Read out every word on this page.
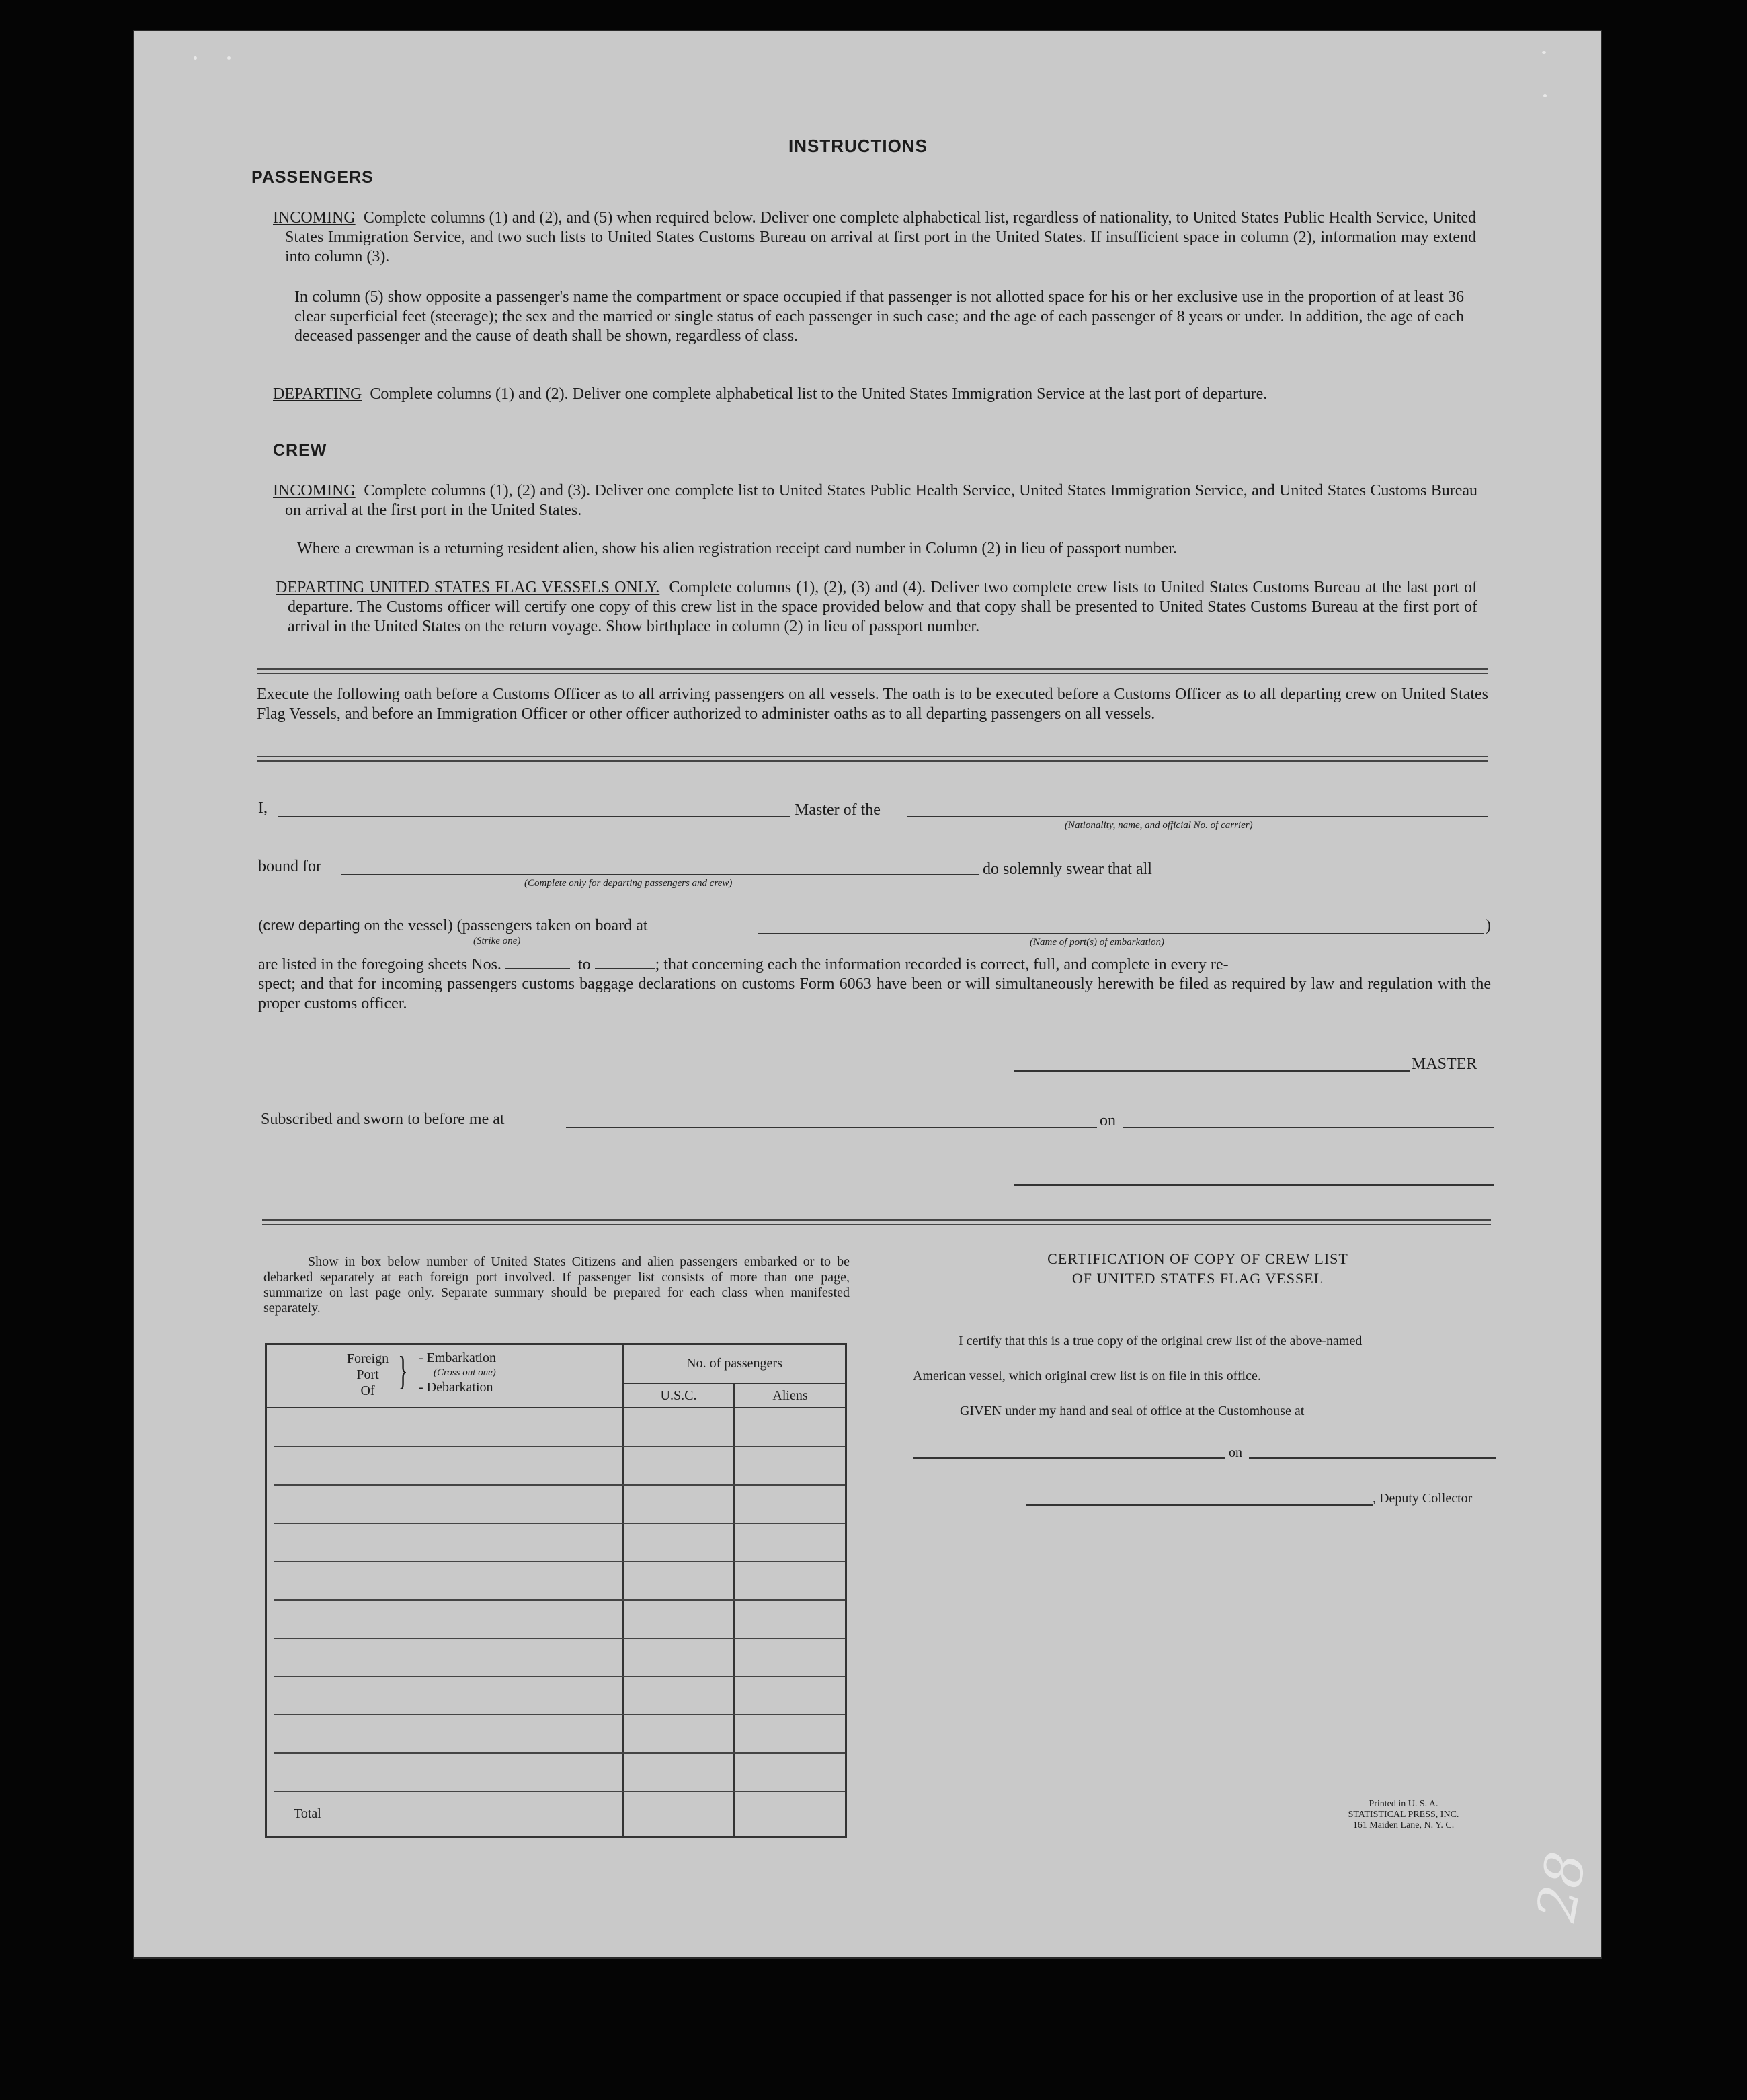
INSTRUCTIONS
PASSENGERS
INCOMING Complete columns (1) and (2), and (5) when required below. Deliver one complete alphabetical list, regardless of nationality, to United States Public Health Service, United States Immigration Service, and two such lists to United States Customs Bureau on arrival at first port in the United States. If insufficient space in column (2), information may extend into column (3).
In column (5) show opposite a passenger's name the compartment or space occupied if that passenger is not allotted space for his or her exclusive use in the proportion of at least 36 clear superficial feet (steerage); the sex and the married or single status of each passenger in such case; and the age of each passenger of 8 years or under. In addition, the age of each deceased passenger and the cause of death shall be shown, regardless of class.
DEPARTING Complete columns (1) and (2). Deliver one complete alphabetical list to the United States Immigration Service at the last port of departure.
CREW
INCOMING Complete columns (1), (2) and (3). Deliver one complete list to United States Public Health Service, United States Immigration Service, and United States Customs Bureau on arrival at the first port in the United States.
Where a crewman is a returning resident alien, show his alien registration receipt card number in Column (2) in lieu of passport number.
DEPARTING UNITED STATES FLAG VESSELS ONLY. Complete columns (1), (2), (3) and (4). Deliver two complete crew lists to United States Customs Bureau at the last port of departure. The Customs officer will certify one copy of this crew list in the space provided below and that copy shall be presented to United States Customs Bureau at the first port of arrival in the United States on the return voyage. Show birthplace in column (2) in lieu of passport number.
Execute the following oath before a Customs Officer as to all arriving passengers on all vessels. The oath is to be executed before a Customs Officer as to all departing crew on United States Flag Vessels, and before an Immigration Officer or other officer authorized to administer oaths as to all departing passengers on all vessels.
I,	Master of the
(Nationality, name, and official No. of carrier)
bound for
(Complete only for departing passengers and crew)
do solemnly swear that all
(crew departing on the vessel) (passengers taken on board at
(Strike one)
)
(Name of port(s) of embarkation)
are listed in the foregoing sheets Nos.	to	; that concerning each the information recorded is correct, full, and complete in every re-
spect; and that for incoming passengers customs baggage declarations on customs Form 6063 have been or will simultaneously herewith be filed as required by law and regulation with the proper customs officer.
MASTER
Subscribed and sworn to before me at	on
Show in box below number of United States Citizens and alien passengers embarked or to be debarked separately at each foreign port involved. If passenger list consists of more than one page, summarize on last page only. Separate summary should be prepared for each class when manifested separately.
Foreign
Port
Of } - Embarkation
(Cross out one)
- Debarkation
No. of passengers
U.S.C.	Aliens
Total
CERTIFICATION OF COPY OF CREW LIST
OF UNITED STATES FLAG VESSEL
I certify that this is a true copy of the original crew list of the above-named
American vessel, which original crew list is on file in this office.
GIVEN under my hand and seal of office at the Customhouse at
on
, Deputy Collector
Printed in U. S. A.
STATISTICAL PRESS, INC.
161 Maiden Lane, N. Y. C.
28
